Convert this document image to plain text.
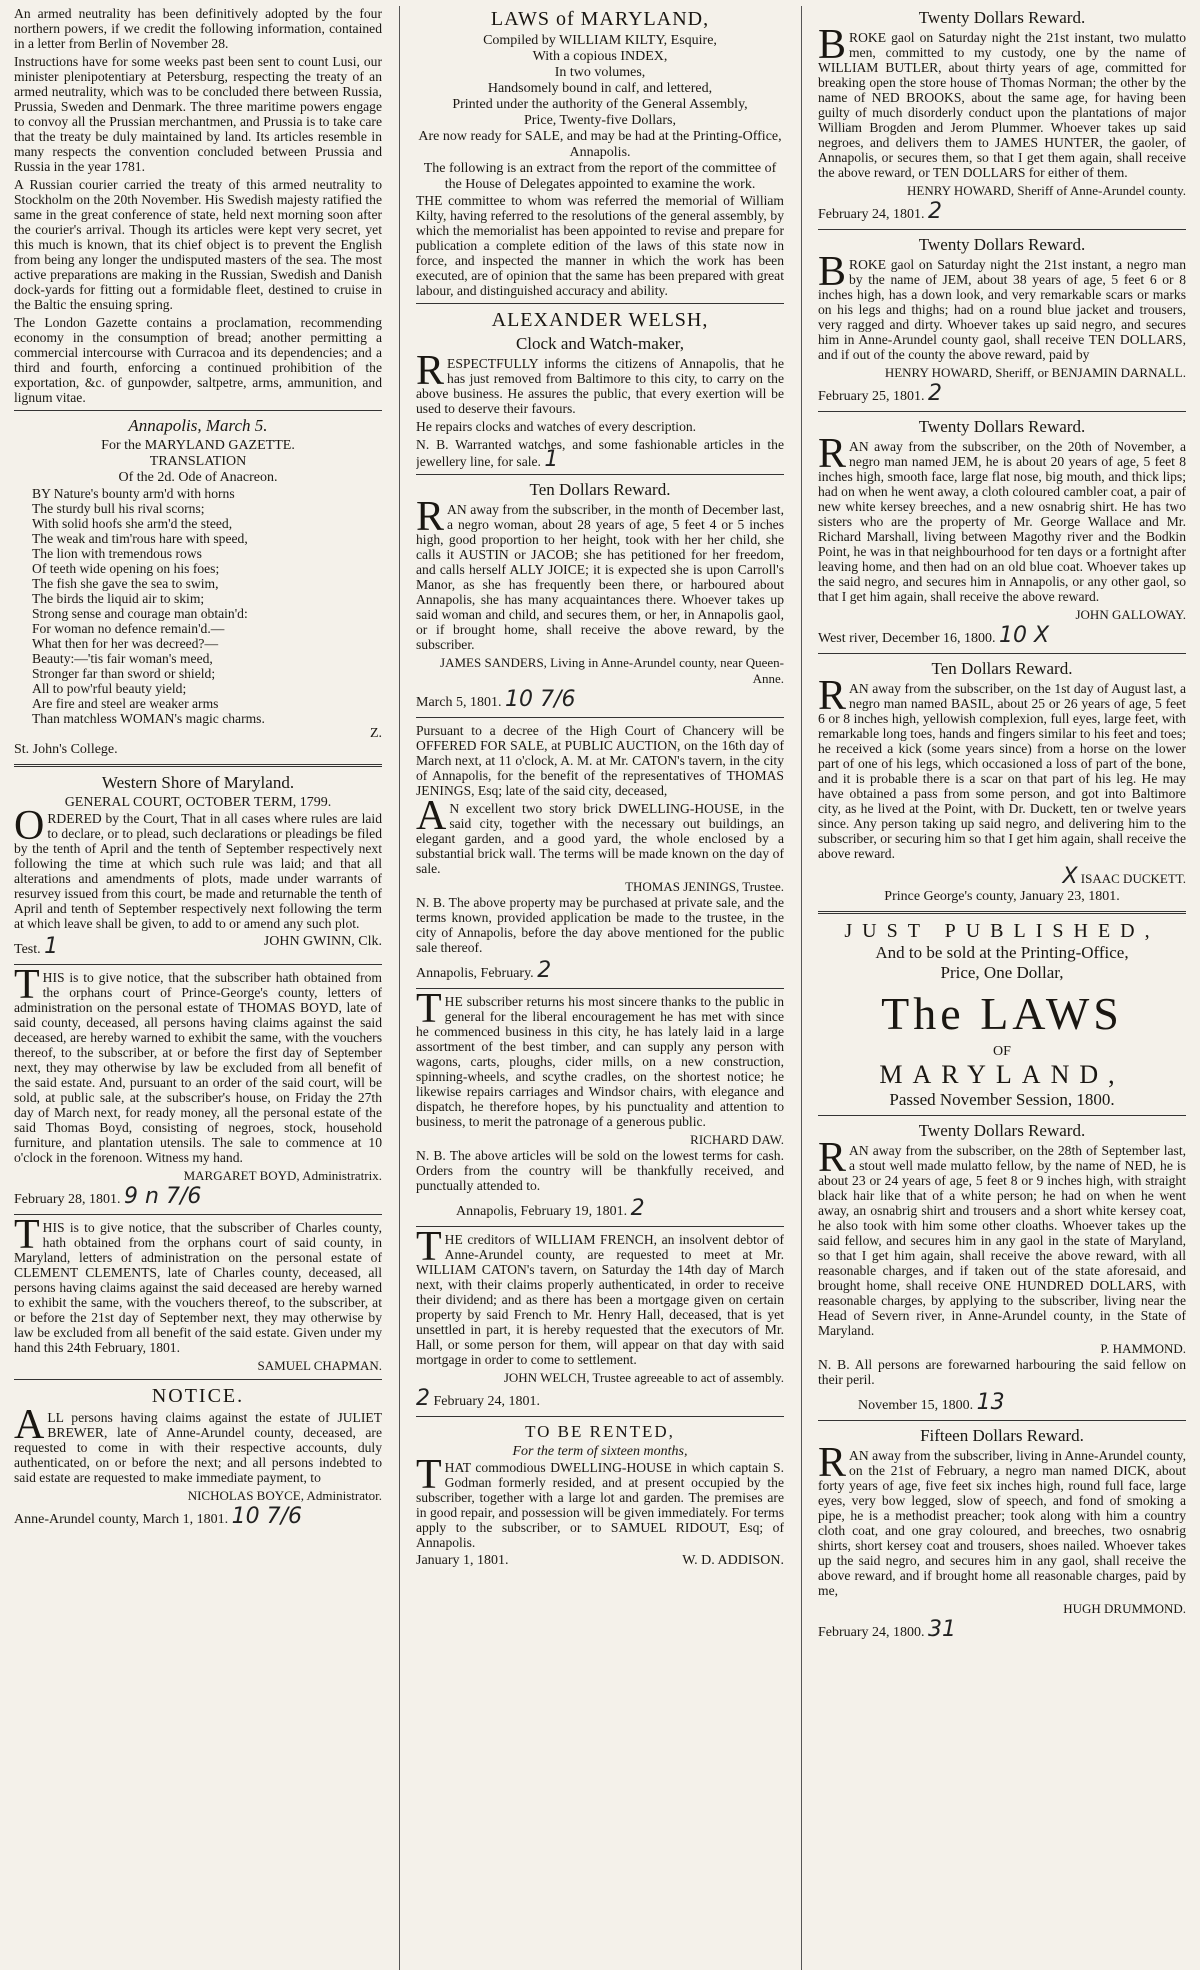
An armed neutrality has been definitively adopted by the four northern powers, if we credit the following information, contained in a letter from Berlin of November 28.

Instructions have for some weeks past been sent to count Lusi, our minister plenipotentiary at Petersburg, respecting the treaty of an armed neutrality, which was to be concluded there between Russia, Prussia, Sweden and Denmark. The three maritime powers engage to convoy all the Prussian merchantmen, and Prussia is to take care that the treaty be duly maintained by land. Its articles resemble in many respects the convention concluded between Prussia and Russia in the year 1781.

A Russian courier carried the treaty of this armed neutrality to Stockholm on the 20th November. His Swedish majesty ratified the same in the great conference of state, held next morning soon after the courier's arrival. Though its articles were kept very secret, yet this much is known, that its chief object is to prevent the English from being any longer the undisputed masters of the sea. The most active preparations are making in the Russian, Swedish and Danish dock-yards for fitting out a formidable fleet, destined to cruise in the Baltic the ensuing spring.

The London Gazette contains a proclamation, recommending economy in the consumption of bread; another permitting a commercial intercourse with Curracoa and its dependencies; and a third and fourth, enforcing a continued prohibition of the exportation, &c. of gunpowder, saltpetre, arms, ammunition, and lignum vitae.

Annapolis, March 5.
For the MARYLAND GAZETTE.
TRANSLATION
Of the 2d. Ode of Anacreon.

BY Nature's bounty arm'd with horns

The sturdy bull his rival scorns;

With solid hoofs she arm'd the steed,

The weak and tim'rous hare with speed,

The lion with tremendous rows

Of teeth wide opening on his foes;

The fish she gave the sea to swim,

The birds the liquid air to skim;

Strong sense and courage man obtain'd:

For woman no defence remain'd.—

What then for her was decreed?—

Beauty:—'tis fair woman's meed,

Stronger far than sword or shield;

All to pow'rful beauty yield;

Are fire and steel are weaker arms

Than matchless WOMAN's magic charms.

Z.
St. John's College.
Western Shore of Maryland.
GENERAL COURT, OCTOBER TERM, 1799.

ORDERED by the Court, That in all cases where rules are laid to declare, or to plead, such declarations or pleadings be filed by the tenth of April and the tenth of September respectively next following the time at which such rule was laid; and that all alterations and amendments of plots, made under warrants of resurvey issued from this court, be made and returnable the tenth of April and tenth of September respectively next following the term at which leave shall be given, to add to or amend any such plot.

Test. 1	JOHN GWINN, Clk.

THIS is to give notice, that the subscriber hath obtained from the orphans court of Prince-George's county, letters of administration on the personal estate of THOMAS BOYD, late of said county, deceased, all persons having claims against the said deceased, are hereby warned to exhibit the same, with the vouchers thereof, to the subscriber, at or before the first day of September next, they may otherwise by law be excluded from all benefit of the said estate. And, pursuant to an order of the said court, will be sold, at public sale, at the subscriber's house, on Friday the 27th day of March next, for ready money, all the personal estate of the said Thomas Boyd, consisting of negroes, stock, household furniture, and plantation utensils. The sale to commence at 10 o'clock in the forenoon. Witness my hand.

MARGARET BOYD, Administratrix.
February 28, 1801. 9 n 7/6

THIS is to give notice, that the subscriber of Charles county, hath obtained from the orphans court of said county, in Maryland, letters of administration on the personal estate of CLEMENT CLEMENTS, late of Charles county, deceased, all persons having claims against the said deceased are hereby warned to exhibit the same, with the vouchers thereof, to the subscriber, at or before the 21st day of September next, they may otherwise by law be excluded from all benefit of the said estate. Given under my hand this 24th February, 1801.

SAMUEL CHAPMAN.
NOTICE.

ALL persons having claims against the estate of JULIET BREWER, late of Anne-Arundel county, deceased, are requested to come in with their respective accounts, duly authenticated, on or before the next; and all persons indebted to said estate are requested to make immediate payment, to

NICHOLAS BOYCE, Administrator.
Anne-Arundel county, March 1, 1801. 10 7/6
LAWS of MARYLAND,
Compiled by WILLIAM KILTY, Esquire,
With a copious INDEX,
In two volumes,
Handsomely bound in calf, and lettered,
Printed under the authority of the General Assembly,
Price, Twenty-five Dollars,
Are now ready for SALE, and may be had at the Printing-Office, Annapolis.
The following is an extract from the report of the committee of the House of Delegates appointed to examine the work.

THE committee to whom was referred the memorial of William Kilty, having referred to the resolutions of the general assembly, by which the memorialist has been appointed to revise and prepare for publication a complete edition of the laws of this state now in force, and inspected the manner in which the work has been executed, are of opinion that the same has been prepared with great labour, and distinguished accuracy and ability.

ALEXANDER WELSH,
Clock and Watch-maker,

RESPECTFULLY informs the citizens of Annapolis, that he has just removed from Baltimore to this city, to carry on the above business. He assures the public, that every exertion will be used to deserve their favours.

He repairs clocks and watches of every description.

N. B. Warranted watches, and some fashionable articles in the jewellery line, for sale. 1

Ten Dollars Reward.

RAN away from the subscriber, in the month of December last, a negro woman, about 28 years of age, 5 feet 4 or 5 inches high, good proportion to her height, took with her her child, she calls it AUSTIN or JACOB; she has petitioned for her freedom, and calls herself ALLY JOICE; it is expected she is upon Carroll's Manor, as she has frequently been there, or harboured about Annapolis, she has many acquaintances there. Whoever takes up said woman and child, and secures them, or her, in Annapolis gaol, or if brought home, shall receive the above reward, by the subscriber.

JAMES SANDERS, Living in Anne-Arundel county, near Queen-Anne.
March 5, 1801. 10 7/6

Pursuant to a decree of the High Court of Chancery will be OFFERED FOR SALE, at PUBLIC AUCTION, on the 16th day of March next, at 11 o'clock, A. M. at Mr. CATON's tavern, in the city of Annapolis, for the benefit of the representatives of THOMAS JENINGS, Esq; late of the said city, deceased,

AN excellent two story brick DWELLING-HOUSE, in the said city, together with the necessary out buildings, an elegant garden, and a good yard, the whole enclosed by a substantial brick wall. The terms will be made known on the day of sale.

THOMAS JENINGS, Trustee.

N. B. The above property may be purchased at private sale, and the terms known, provided application be made to the trustee, in the city of Annapolis, before the day above mentioned for the public sale thereof.

Annapolis, February. 2

THE subscriber returns his most sincere thanks to the public in general for the liberal encouragement he has met with since he commenced business in this city, he has lately laid in a large assortment of the best timber, and can supply any person with wagons, carts, ploughs, cider mills, on a new construction, spinning-wheels, and scythe cradles, on the shortest notice; he likewise repairs carriages and Windsor chairs, with elegance and dispatch, he therefore hopes, by his punctuality and attention to business, to merit the patronage of a generous public.

RICHARD DAW.

N. B. The above articles will be sold on the lowest terms for cash. Orders from the country will be thankfully received, and punctually attended to.

Annapolis, February 19, 1801. 2

THE creditors of WILLIAM FRENCH, an insolvent debtor of Anne-Arundel county, are requested to meet at Mr. WILLIAM CATON's tavern, on Saturday the 14th day of March next, with their claims properly authenticated, in order to receive their dividend; and as there has been a mortgage given on certain property by said French to Mr. Henry Hall, deceased, that is yet unsettled in part, it is hereby requested that the executors of Mr. Hall, or some person for them, will appear on that day with said mortgage in order to come to settlement.

JOHN WELCH, Trustee agreeable to act of assembly.
2 February 24, 1801.
TO BE RENTED,
For the term of sixteen months,

THAT commodious DWELLING-HOUSE in which captain S. Godman formerly resided, and at present occupied by the subscriber, together with a large lot and garden. The premises are in good repair, and possession will be given immediately. For terms apply to the subscriber, or to SAMUEL RIDOUT, Esq; of Annapolis.

January 1, 1801.	W. D. ADDISON.
Twenty Dollars Reward.

BROKE gaol on Saturday night the 21st instant, two mulatto men, committed to my custody, one by the name of WILLIAM BUTLER, about thirty years of age, committed for breaking open the store house of Thomas Norman; the other by the name of NED BROOKS, about the same age, for having been guilty of much disorderly conduct upon the plantations of major William Brogden and Jerom Plummer. Whoever takes up said negroes, and delivers them to JAMES HUNTER, the gaoler, of Annapolis, or secures them, so that I get them again, shall receive the above reward, or TEN DOLLARS for either of them.

HENRY HOWARD, Sheriff of Anne-Arundel county.
February 24, 1801. 2
Twenty Dollars Reward.

BROKE gaol on Saturday night the 21st instant, a negro man by the name of JEM, about 38 years of age, 5 feet 6 or 8 inches high, has a down look, and very remarkable scars or marks on his legs and thighs; had on a round blue jacket and trousers, very ragged and dirty. Whoever takes up said negro, and secures him in Anne-Arundel county gaol, shall receive TEN DOLLARS, and if out of the county the above reward, paid by

HENRY HOWARD, Sheriff, or BENJAMIN DARNALL.
February 25, 1801. 2
Twenty Dollars Reward.

RAN away from the subscriber, on the 20th of November, a negro man named JEM, he is about 20 years of age, 5 feet 8 inches high, smooth face, large flat nose, big mouth, and thick lips; had on when he went away, a cloth coloured cambler coat, a pair of new white kersey breeches, and a new osnabrig shirt. He has two sisters who are the property of Mr. George Wallace and Mr. Richard Marshall, living between Magothy river and the Bodkin Point, he was in that neighbourhood for ten days or a fortnight after leaving home, and then had on an old blue coat. Whoever takes up the said negro, and secures him in Annapolis, or any other gaol, so that I get him again, shall receive the above reward.

JOHN GALLOWAY.
West river, December 16, 1800. 10 X
Ten Dollars Reward.

RAN away from the subscriber, on the 1st day of August last, a negro man named BASIL, about 25 or 26 years of age, 5 feet 6 or 8 inches high, yellowish complexion, full eyes, large feet, with remarkable long toes, hands and fingers similar to his feet and toes; he received a kick (some years since) from a horse on the lower part of one of his legs, which occasioned a loss of part of the bone, and it is probable there is a scar on that part of his leg. He may have obtained a pass from some person, and got into Baltimore city, as he lived at the Point, with Dr. Duckett, ten or twelve years since. Any person taking up said negro, and delivering him to the subscriber, or securing him so that I get him again, shall receive the above reward.

X ISAAC DUCKETT.
Prince George's county, January 23, 1801.
JUST PUBLISHED,
And to be sold at the Printing-Office,
Price, One Dollar,
The LAWS
OF
MARYLAND,
Passed November Session, 1800.
Twenty Dollars Reward.

RAN away from the subscriber, on the 28th of September last, a stout well made mulatto fellow, by the name of NED, he is about 23 or 24 years of age, 5 feet 8 or 9 inches high, with straight black hair like that of a white person; he had on when he went away, an osnabrig shirt and trousers and a short white kersey coat, he also took with him some other cloaths. Whoever takes up the said fellow, and secures him in any gaol in the state of Maryland, so that I get him again, shall receive the above reward, with all reasonable charges, and if taken out of the state aforesaid, and brought home, shall receive ONE HUNDRED DOLLARS, with reasonable charges, by applying to the subscriber, living near the Head of Severn river, in Anne-Arundel county, in the State of Maryland.

P. HAMMOND.

N. B. All persons are forewarned harbouring the said fellow on their peril.

November 15, 1800. 13
Fifteen Dollars Reward.

RAN away from the subscriber, living in Anne-Arundel county, on the 21st of February, a negro man named DICK, about forty years of age, five feet six inches high, round full face, large eyes, very bow legged, slow of speech, and fond of smoking a pipe, he is a methodist preacher; took along with him a country cloth coat, and one gray coloured, and breeches, two osnabrig shirts, short kersey coat and trousers, shoes nailed. Whoever takes up the said negro, and secures him in any gaol, shall receive the above reward, and if brought home all reasonable charges, paid by me,

HUGH DRUMMOND.
February 24, 1800. 31
